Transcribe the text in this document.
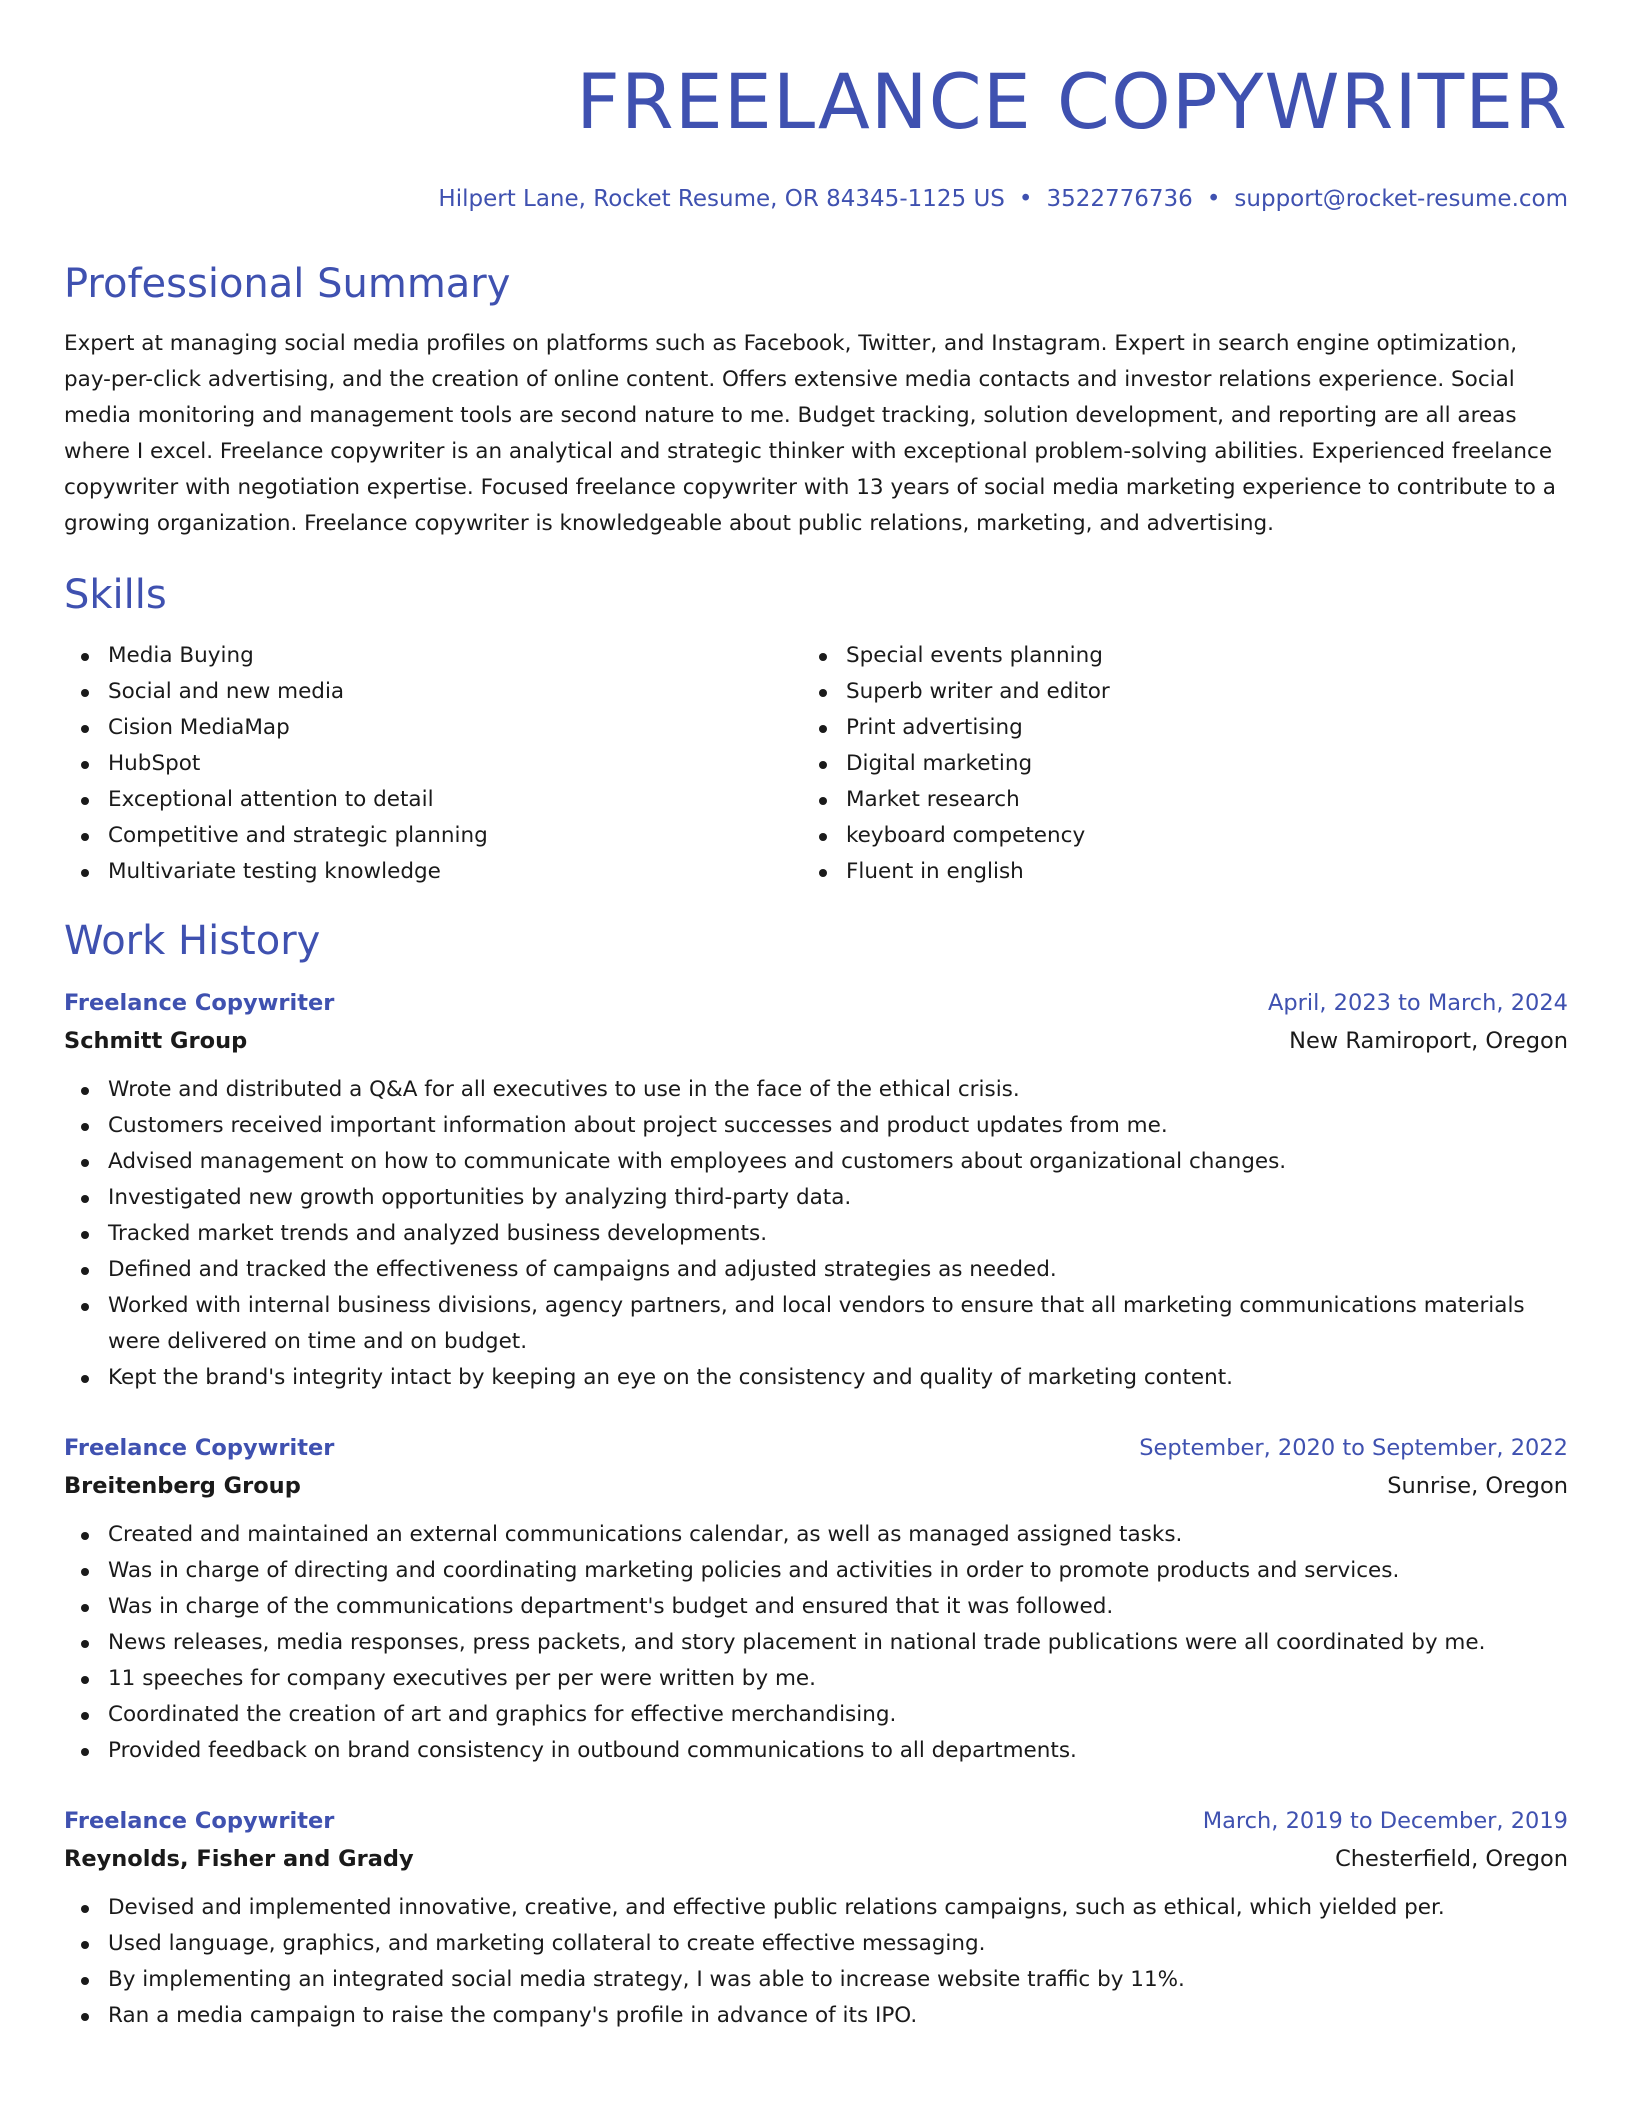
FREELANCE COPYWRITER
Hilpert Lane, Rocket Resume, OR 84345-1125 US • 3522776736 • support@rocket-resume.com
Professional Summary
Expert at managing social media profiles on platforms such as Facebook, Twitter, and Instagram. Expert in search engine optimization, pay-per-click advertising, and the creation of online content. Offers extensive media contacts and investor relations experience. Social media monitoring and management tools are second nature to me. Budget tracking, solution development, and reporting are all areas where I excel. Freelance copywriter is an analytical and strategic thinker with exceptional problem-solving abilities. Experienced freelance copywriter with negotiation expertise. Focused freelance copywriter with 13 years of social media marketing experience to contribute to a growing organization. Freelance copywriter is knowledgeable about public relations, marketing, and advertising.
Skills
Media Buying
Social and new media
Cision MediaMap
HubSpot
Exceptional attention to detail
Competitive and strategic planning
Multivariate testing knowledge
Special events planning
Superb writer and editor
Print advertising
Digital marketing
Market research
keyboard competency
Fluent in english
Work History
Freelance Copywriter	April, 2023 to March, 2024
Schmitt Group	New Ramiroport, Oregon
Wrote and distributed a Q&A for all executives to use in the face of the ethical crisis.
Customers received important information about project successes and product updates from me.
Advised management on how to communicate with employees and customers about organizational changes.
Investigated new growth opportunities by analyzing third-party data.
Tracked market trends and analyzed business developments.
Defined and tracked the effectiveness of campaigns and adjusted strategies as needed.
Worked with internal business divisions, agency partners, and local vendors to ensure that all marketing communications materials were delivered on time and on budget.
Kept the brand's integrity intact by keeping an eye on the consistency and quality of marketing content.
Freelance Copywriter	September, 2020 to September, 2022
Breitenberg Group	Sunrise, Oregon
Created and maintained an external communications calendar, as well as managed assigned tasks.
Was in charge of directing and coordinating marketing policies and activities in order to promote products and services.
Was in charge of the communications department's budget and ensured that it was followed.
News releases, media responses, press packets, and story placement in national trade publications were all coordinated by me.
11 speeches for company executives per per were written by me.
Coordinated the creation of art and graphics for effective merchandising.
Provided feedback on brand consistency in outbound communications to all departments.
Freelance Copywriter	March, 2019 to December, 2019
Reynolds, Fisher and Grady	Chesterfield, Oregon
Devised and implemented innovative, creative, and effective public relations campaigns, such as ethical, which yielded per.
Used language, graphics, and marketing collateral to create effective messaging.
By implementing an integrated social media strategy, I was able to increase website traffic by 11%.
Ran a media campaign to raise the company's profile in advance of its IPO.
